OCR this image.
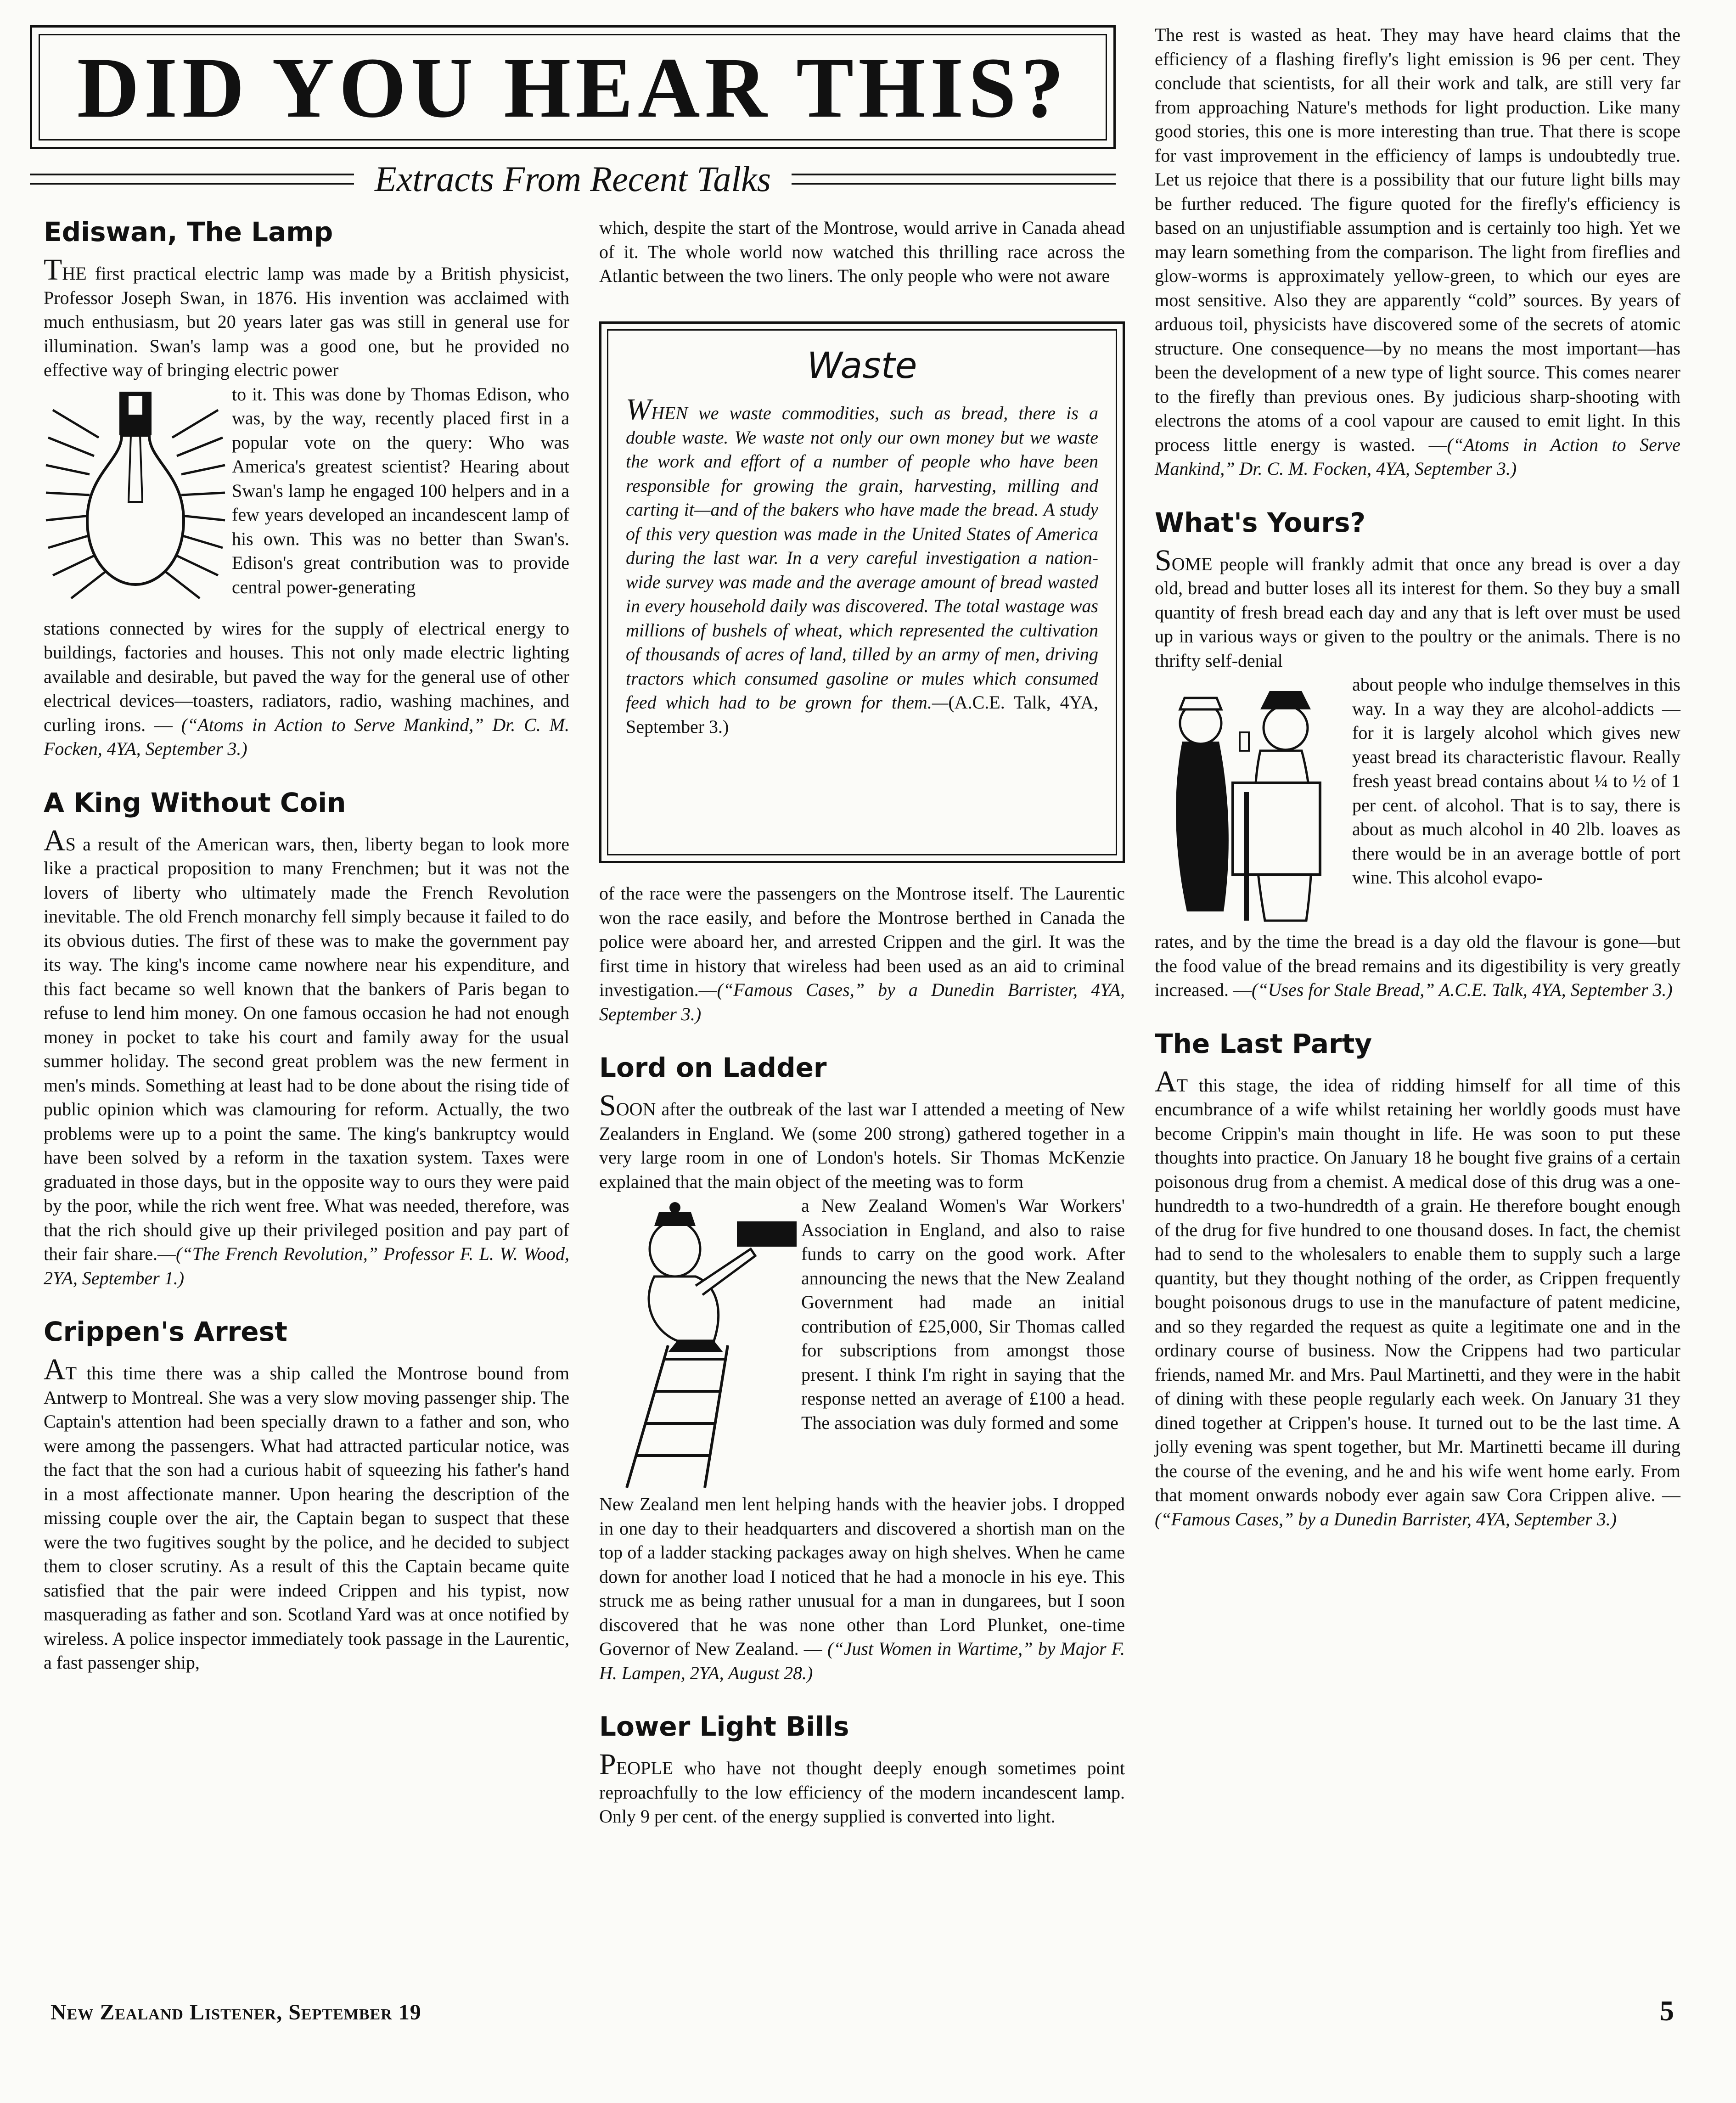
DID YOU HEAR THIS?
Extracts From Recent Talks
Ediswan, The Lamp

THE first practical electric lamp was made by a British physicist, Professor Joseph Swan, in 1876. His invention was acclaimed with much enthusiasm, but 20 years later gas was still in general use for illumination. Swan's lamp was a good one, but he provided no effective way of bringing electric power

to it. This was done by Thomas Edison, who was, by the way, recently placed first in a popular vote on the query: Who was America's greatest scientist? Hearing about Swan's lamp he engaged 100 helpers and in a few years developed an incandescent lamp of his own. This was no better than Swan's. Edison's great contribution was to provide central power-generating

stations connected by wires for the supply of electrical energy to buildings, factories and houses. This not only made electric lighting available and desirable, but paved the way for the general use of other electrical devices—toasters, radiators, radio, washing machines, and curling irons. — (“Atoms in Action to Serve Mankind,” Dr. C. M. Focken, 4YA, September 3.)

A King Without Coin

AS a result of the American wars, then, liberty began to look more like a practical proposition to many Frenchmen; but it was not the lovers of liberty who ultimately made the French Revolution inevitable. The old French monarchy fell simply because it failed to do its obvious duties. The first of these was to make the government pay its way. The king's income came nowhere near his expenditure, and this fact became so well known that the bankers of Paris began to refuse to lend him money. On one famous occasion he had not enough money in pocket to take his court and family away for the usual summer holiday. The second great problem was the new ferment in men's minds. Something at least had to be done about the rising tide of public opinion which was clamouring for reform. Actually, the two problems were up to a point the same. The king's bankruptcy would have been solved by a reform in the taxation system. Taxes were graduated in those days, but in the opposite way to ours they were paid by the poor, while the rich went free. What was needed, therefore, was that the rich should give up their privileged position and pay part of their fair share.—(“The French Revolution,” Professor F. L. W. Wood, 2YA, September 1.)

Crippen's Arrest

AT this time there was a ship called the Montrose bound from Antwerp to Montreal. She was a very slow moving passenger ship. The Captain's attention had been specially drawn to a father and son, who were among the passengers. What had attracted particular notice, was the fact that the son had a curious habit of squeezing his father's hand in a most affectionate manner. Upon hearing the description of the missing couple over the air, the Captain began to suspect that these were the two fugitives sought by the police, and he decided to subject them to closer scrutiny. As a result of this the Captain became quite satisfied that the pair were indeed Crippen and his typist, now masquerading as father and son. Scotland Yard was at once notified by wireless. A police inspector immediately took passage in the Laurentic, a fast passenger ship,

which, despite the start of the Montrose, would arrive in Canada ahead of it. The whole world now watched this thrilling race across the Atlantic between the two liners. The only people who were not aware

Waste

WHEN we waste commodities, such as bread, there is a double waste. We waste not only our own money but we waste the work and effort of a number of people who have been responsible for growing the grain, harvesting, milling and carting it—and of the bakers who have made the bread. A study of this very question was made in the United States of America during the last war. In a very careful investigation a nation-wide survey was made and the average amount of bread wasted in every household daily was discovered. The total wastage was millions of bushels of wheat, which represented the cultivation of thousands of acres of land, tilled by an army of men, driving tractors which consumed gasoline or mules which consumed feed which had to be grown for them.—(A.C.E. Talk, 4YA, September 3.)

of the race were the passengers on the Montrose itself. The Laurentic won the race easily, and before the Montrose berthed in Canada the police were aboard her, and arrested Crippen and the girl. It was the first time in history that wireless had been used as an aid to criminal investigation.—(“Famous Cases,” by a Dunedin Barrister, 4YA, September 3.)

Lord on Ladder

SOON after the outbreak of the last war I attended a meeting of New Zealanders in England. We (some 200 strong) gathered together in a very large room in one of London's hotels. Sir Thomas McKenzie explained that the main object of the meeting was to form

a New Zealand Women's War Workers' Association in England, and also to raise funds to carry on the good work. After announcing the news that the New Zealand Government had made an initial contribution of £25,000, Sir Thomas called for subscriptions from amongst those present. I think I'm right in saying that the response netted an average of £100 a head. The association was duly formed and some

New Zealand men lent helping hands with the heavier jobs. I dropped in one day to their headquarters and discovered a shortish man on the top of a ladder stacking packages away on high shelves. When he came down for another load I noticed that he had a monocle in his eye. This struck me as being rather unusual for a man in dungarees, but I soon discovered that he was none other than Lord Plunket, one-time Governor of New Zealand. — (“Just Women in Wartime,” by Major F. H. Lampen, 2YA, August 28.)

Lower Light Bills

PEOPLE who have not thought deeply enough sometimes point reproachfully to the low efficiency of the modern incandescent lamp. Only 9 per cent. of the energy supplied is converted into light.

The rest is wasted as heat. They may have heard claims that the efficiency of a flashing firefly's light emission is 96 per cent. They conclude that scientists, for all their work and talk, are still very far from approaching Nature's methods for light production. Like many good stories, this one is more interesting than true. That there is scope for vast improvement in the efficiency of lamps is undoubtedly true. Let us rejoice that there is a possibility that our future light bills may be further reduced. The figure quoted for the firefly's efficiency is based on an unjustifiable assumption and is certainly too high. Yet we may learn something from the comparison. The light from fireflies and glow-worms is approximately yellow-green, to which our eyes are most sensitive. Also they are apparently “cold” sources. By years of arduous toil, physicists have discovered some of the secrets of atomic structure. One consequence—by no means the most important—has been the development of a new type of light source. This comes nearer to the firefly than previous ones. By judicious sharp-shooting with electrons the atoms of a cool vapour are caused to emit light. In this process little energy is wasted. —(“Atoms in Action to Serve Mankind,” Dr. C. M. Focken, 4YA, September 3.)

What's Yours?

SOME people will frankly admit that once any bread is over a day old, bread and butter loses all its interest for them. So they buy a small quantity of fresh bread each day and any that is left over must be used up in various ways or given to the poultry or the animals. There is no thrifty self-denial

about people who indulge themselves in this way. In a way they are alcohol-addicts — for it is largely alcohol which gives new yeast bread its characteristic flavour. Really fresh yeast bread contains about ¼ to ½ of 1 per cent. of alcohol. That is to say, there is about as much alcohol in 40 2lb. loaves as there would be in an average bottle of port wine. This alcohol evapo-

rates, and by the time the bread is a day old the flavour is gone—but the food value of the bread remains and its digestibility is very greatly increased. —(“Uses for Stale Bread,” A.C.E. Talk, 4YA, September 3.)

The Last Party

AT this stage, the idea of ridding himself for all time of this encumbrance of a wife whilst retaining her worldly goods must have become Crippin's main thought in life. He was soon to put these thoughts into practice. On January 18 he bought five grains of a certain poisonous drug from a chemist. A medical dose of this drug was a one-hundredth to a two-hundredth of a grain. He therefore bought enough of the drug for five hundred to one thousand doses. In fact, the chemist had to send to the wholesalers to enable them to supply such a large quantity, but they thought nothing of the order, as Crippen frequently bought poisonous drugs to use in the manufacture of patent medicine, and so they regarded the request as quite a legitimate one and in the ordinary course of business. Now the Crippens had two particular friends, named Mr. and Mrs. Paul Martinetti, and they were in the habit of dining with these people regularly each week. On January 31 they dined together at Crippen's house. It turned out to be the last time. A jolly evening was spent together, but Mr. Martinetti became ill during the course of the evening, and he and his wife went home early. From that moment onwards nobody ever again saw Cora Crippen alive. —(“Famous Cases,” by a Dunedin Barrister, 4YA, September 3.)

New Zealand Listener, September 19	5
